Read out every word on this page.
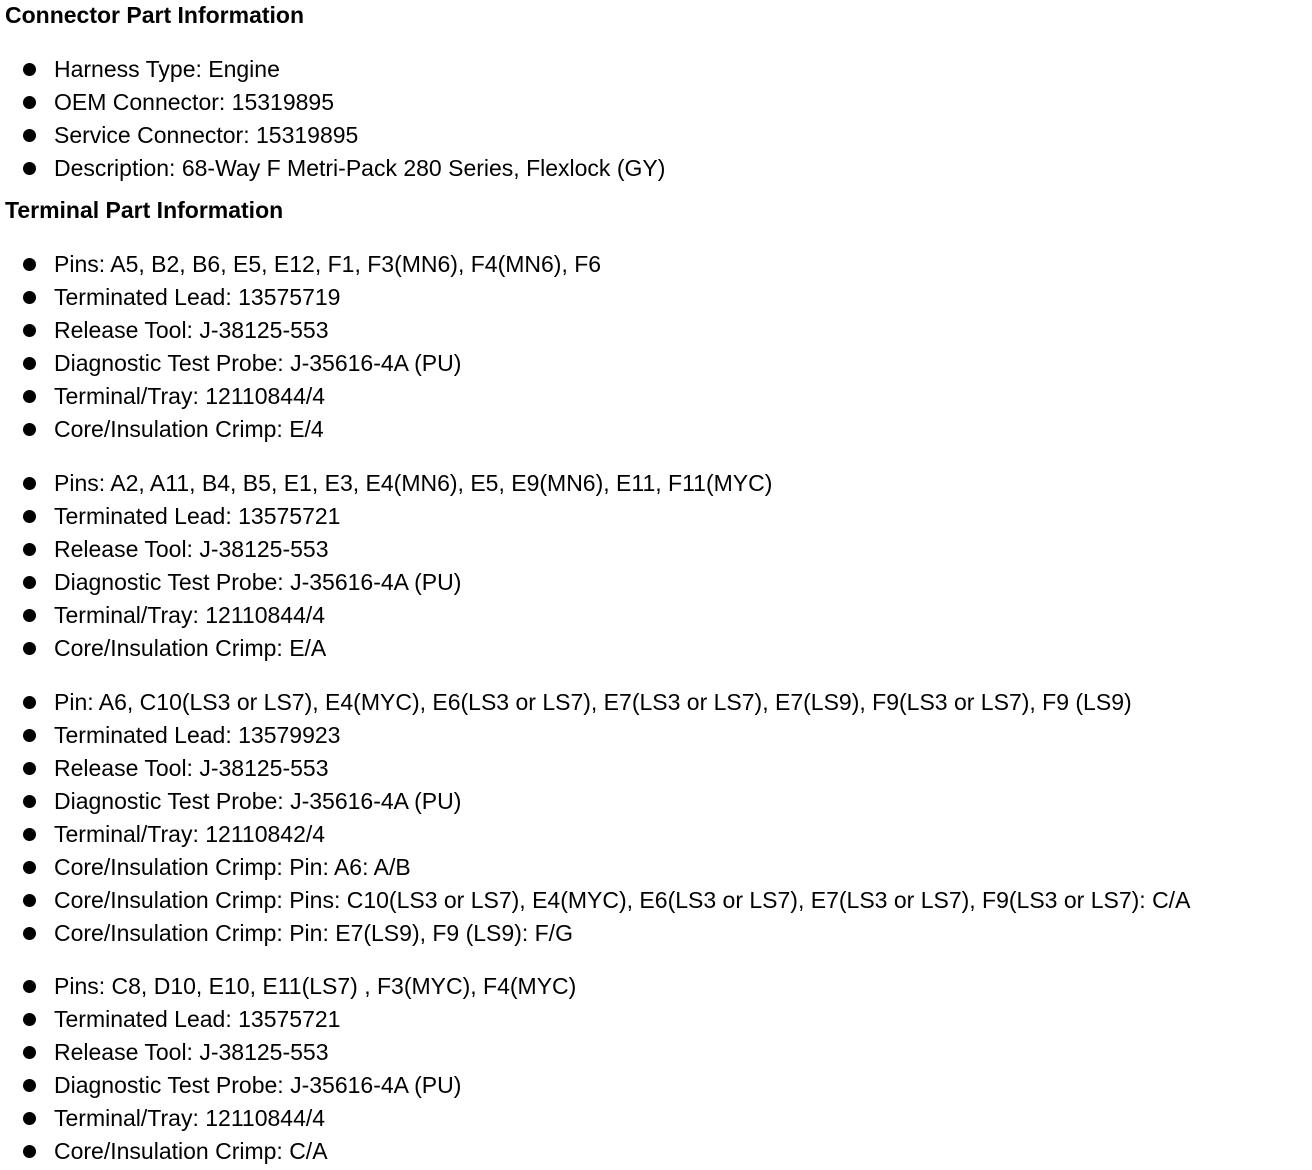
Connector Part Information
Harness Type: Engine
OEM Connector: 15319895
Service Connector: 15319895
Description: 68-Way F Metri-Pack 280 Series, Flexlock (GY)
Terminal Part Information
Pins: A5, B2, B6, E5, E12, F1, F3(MN6), F4(MN6), F6
Terminated Lead: 13575719
Release Tool: J-38125-553
Diagnostic Test Probe: J-35616-4A (PU)
Terminal/Tray: 12110844/4
Core/Insulation Crimp: E/4
Pins: A2, A11, B4, B5, E1, E3, E4(MN6), E5, E9(MN6), E11, F11(MYC)
Terminated Lead: 13575721
Release Tool: J-38125-553
Diagnostic Test Probe: J-35616-4A (PU)
Terminal/Tray: 12110844/4
Core/Insulation Crimp: E/A
Pin: A6, C10(LS3 or LS7), E4(MYC), E6(LS3 or LS7), E7(LS3 or LS7), E7(LS9), F9(LS3 or LS7), F9 (LS9)
Terminated Lead: 13579923
Release Tool: J-38125-553
Diagnostic Test Probe: J-35616-4A (PU)
Terminal/Tray: 12110842/4
Core/Insulation Crimp: Pin: A6: A/B
Core/Insulation Crimp: Pins: C10(LS3 or LS7), E4(MYC), E6(LS3 or LS7), E7(LS3 or LS7), F9(LS3 or LS7): C/A
Core/Insulation Crimp: Pin: E7(LS9), F9 (LS9): F/G
Pins: C8, D10, E10, E11(LS7) , F3(MYC), F4(MYC)
Terminated Lead: 13575721
Release Tool: J-38125-553
Diagnostic Test Probe: J-35616-4A (PU)
Terminal/Tray: 12110844/4
Core/Insulation Crimp: C/A
